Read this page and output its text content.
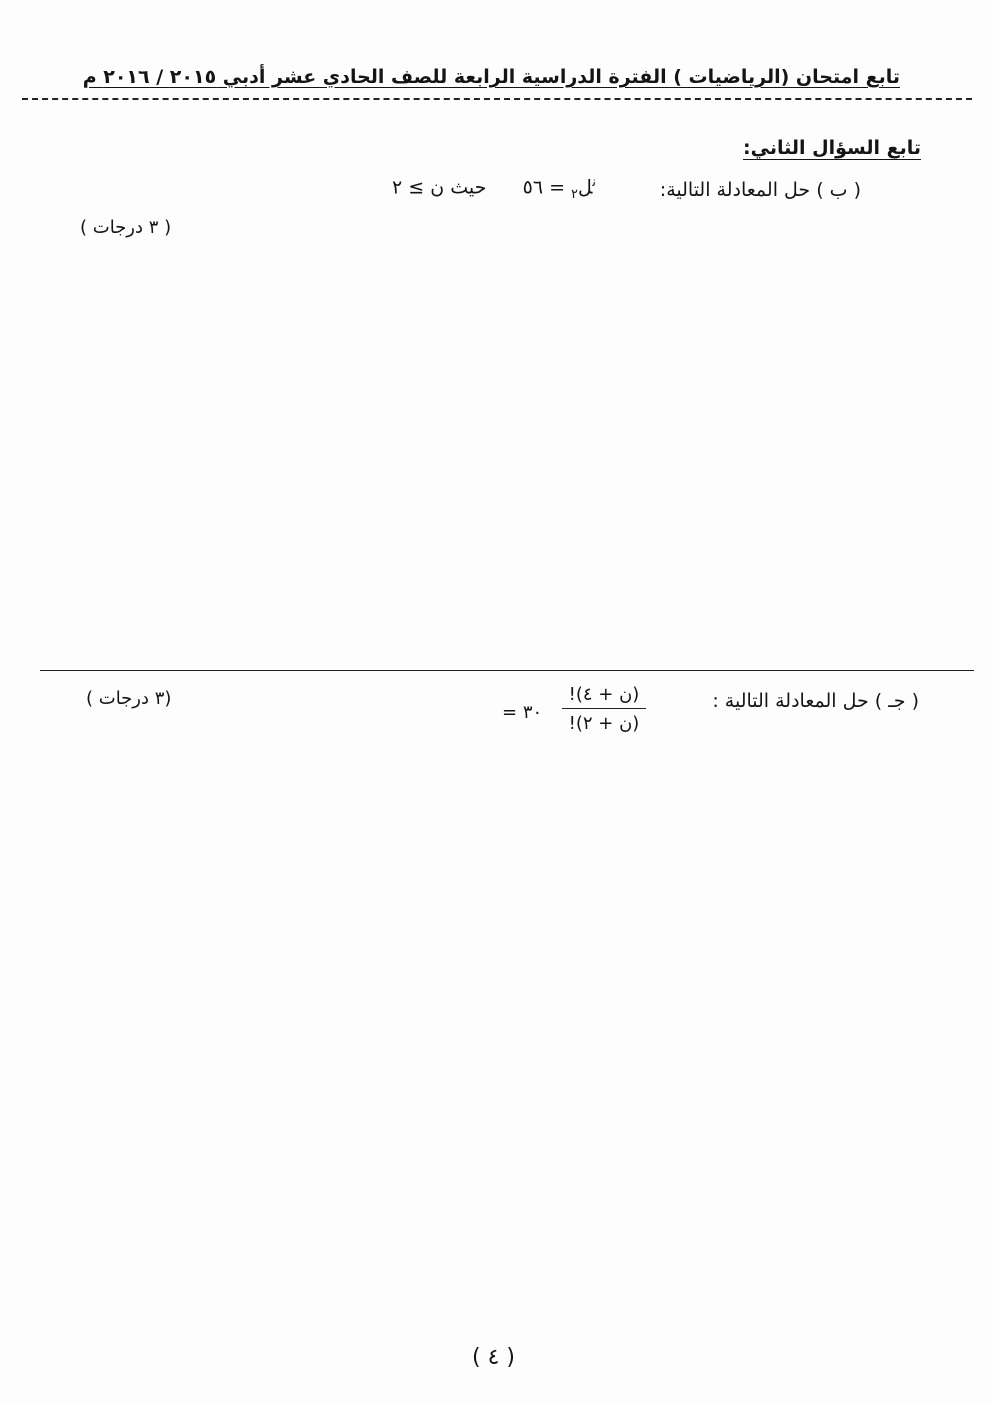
تابع امتحان (الرياضيات ) الفترة الدراسية الرابعة للصف الحادي عشر أدبي ٢٠١٥ / ٢٠١٦ م
تابع السؤال الثاني:
( ب ) حل المعادلة التالية:
$^ن$ل$_٢$ = ٥٦      حيث ن ≥ ٢
( ٣ درجات )
( جـ ) حل المعادلة التالية :
(ن + ٤)!
(ن + ٢)!
= ٣٠
(٣ درجات )
( ٤ )
